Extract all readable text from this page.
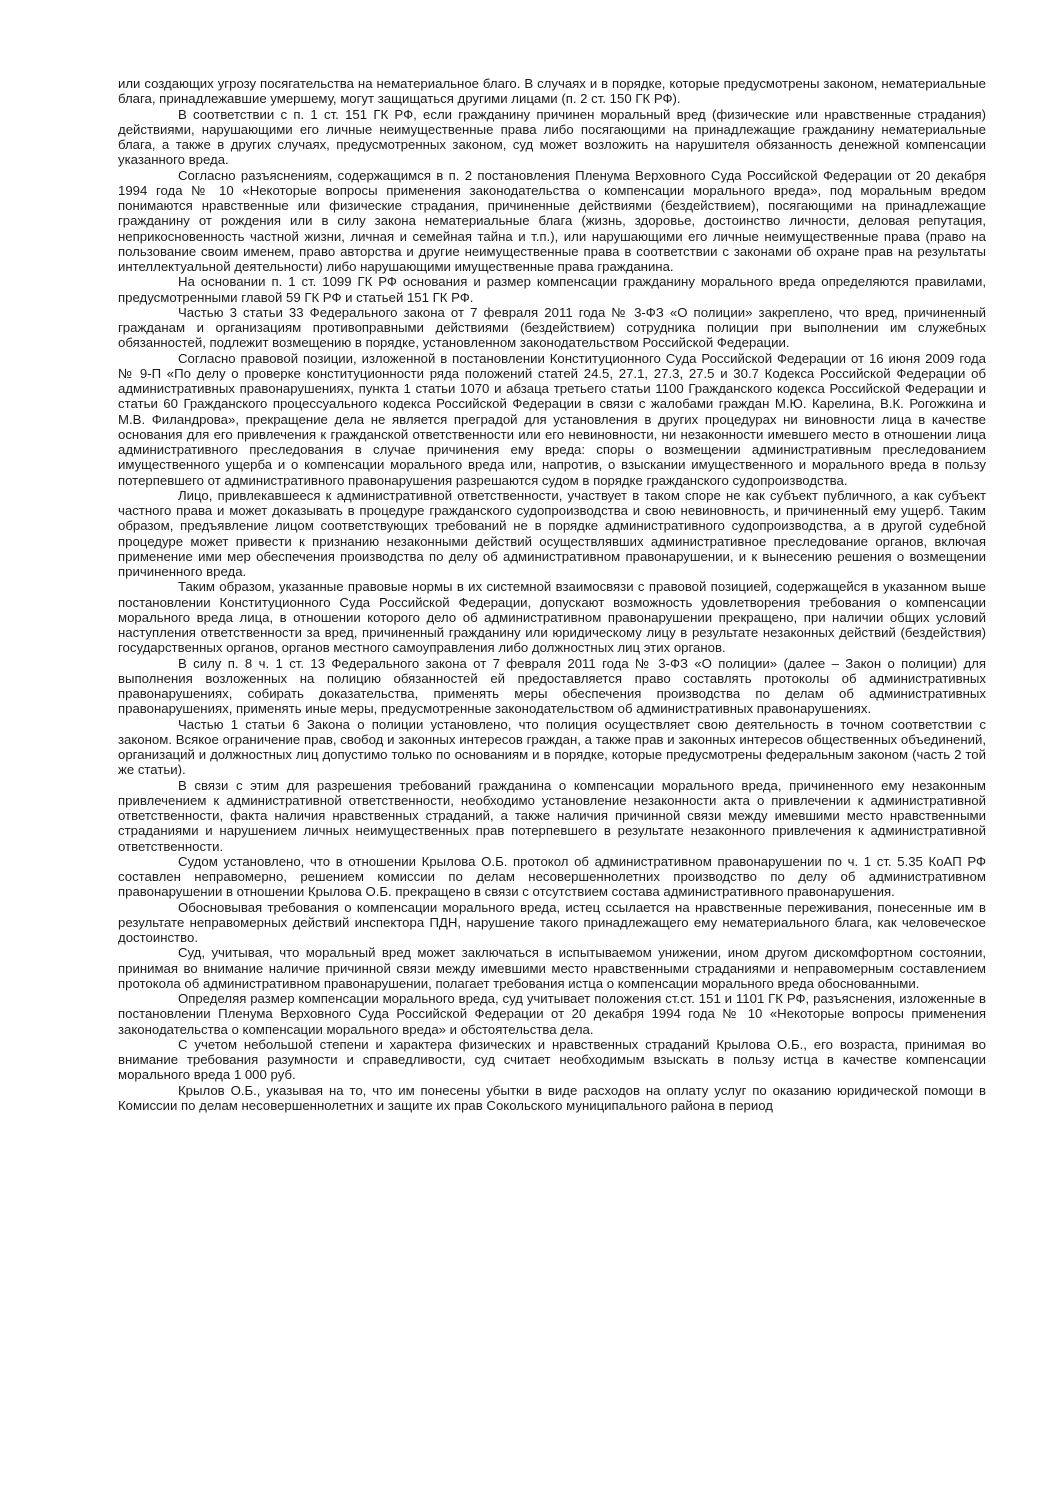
или создающих угрозу посягательства на нематериальное благо. В случаях и в порядке, которые предусмотрены законом, нематериальные блага, принадлежавшие умершему, могут защищаться другими лицами (п. 2 ст. 150 ГК РФ).

В соответствии с п. 1 ст. 151 ГК РФ, если гражданину причинен моральный вред (физические или нравственные страдания) действиями, нарушающими его личные неимущественные права либо посягающими на принадлежащие гражданину нематериальные блага, а также в других случаях, предусмотренных законом, суд может возложить на нарушителя обязанность денежной компенсации указанного вреда.

Согласно разъяснениям, содержащимся в п. 2 постановления Пленума Верховного Суда Российской Федерации от 20 декабря 1994 года № 10 «Некоторые вопросы применения законодательства о компенсации морального вреда», под моральным вредом понимаются нравственные или физические страдания, причиненные действиями (бездействием), посягающими на принадлежащие гражданину от рождения или в силу закона нематериальные блага (жизнь, здоровье, достоинство личности, деловая репутация, неприкосновенность частной жизни, личная и семейная тайна и т.п.), или нарушающими его личные неимущественные права (право на пользование своим именем, право авторства и другие неимущественные права в соответствии с законами об охране прав на результаты интеллектуальной деятельности) либо нарушающими имущественные права гражданина.

На основании п. 1 ст. 1099 ГК РФ основания и размер компенсации гражданину морального вреда определяются правилами, предусмотренными главой 59 ГК РФ и статьей 151 ГК РФ.

Частью 3 статьи 33 Федерального закона от 7 февраля 2011 года № 3-ФЗ «О полиции» закреплено, что вред, причиненный гражданам и организациям противоправными действиями (бездействием) сотрудника полиции при выполнении им служебных обязанностей, подлежит возмещению в порядке, установленном законодательством Российской Федерации.

Согласно правовой позиции, изложенной в постановлении Конституционного Суда Российской Федерации от 16 июня 2009 года № 9-П «По делу о проверке конституционности ряда положений статей 24.5, 27.1, 27.3, 27.5 и 30.7 Кодекса Российской Федерации об административных правонарушениях, пункта 1 статьи 1070 и абзаца третьего статьи 1100 Гражданского кодекса Российской Федерации и статьи 60 Гражданского процессуального кодекса Российской Федерации в связи с жалобами граждан М.Ю. Карелина, В.К. Рогожкина и М.В. Филандрова», прекращение дела не является преградой для установления в других процедурах ни виновности лица в качестве основания для его привлечения к гражданской ответственности или его невиновности, ни незаконности имевшего место в отношении лица административного преследования в случае причинения ему вреда: споры о возмещении административным преследованием имущественного ущерба и о компенсации морального вреда или, напротив, о взыскании имущественного и морального вреда в пользу потерпевшего от административного правонарушения разрешаются судом в порядке гражданского судопроизводства.

Лицо, привлекавшееся к административной ответственности, участвует в таком споре не как субъект публичного, а как субъект частного права и может доказывать в процедуре гражданского судопроизводства и свою невиновность, и причиненный ему ущерб. Таким образом, предъявление лицом соответствующих требований не в порядке административного судопроизводства, а в другой судебной процедуре может привести к признанию незаконными действий осуществлявших административное преследование органов, включая применение ими мер обеспечения производства по делу об административном правонарушении, и к вынесению решения о возмещении причиненного вреда.

Таким образом, указанные правовые нормы в их системной взаимосвязи с правовой позицией, содержащейся в указанном выше постановлении Конституционного Суда Российской Федерации, допускают возможность удовлетворения требования о компенсации морального вреда лица, в отношении которого дело об административном правонарушении прекращено, при наличии общих условий наступления ответственности за вред, причиненный гражданину или юридическому лицу в результате незаконных действий (бездействия) государственных органов, органов местного самоуправления либо должностных лиц этих органов.

В силу п. 8 ч. 1 ст. 13 Федерального закона от 7 февраля 2011 года № 3-ФЗ «О полиции» (далее – Закон о полиции) для выполнения возложенных на полицию обязанностей ей предоставляется право составлять протоколы об административных правонарушениях, собирать доказательства, применять меры обеспечения производства по делам об административных правонарушениях, применять иные меры, предусмотренные законодательством об административных правонарушениях.

Частью 1 статьи 6 Закона о полиции установлено, что полиция осуществляет свою деятельность в точном соответствии с законом. Всякое ограничение прав, свобод и законных интересов граждан, а также прав и законных интересов общественных объединений, организаций и должностных лиц допустимо только по основаниям и в порядке, которые предусмотрены федеральным законом (часть 2 той же статьи).

В связи с этим для разрешения требований гражданина о компенсации морального вреда, причиненного ему незаконным привлечением к административной ответственности, необходимо установление незаконности акта о привлечении к административной ответственности, факта наличия нравственных страданий, а также наличия причинной связи между имевшими место нравственными страданиями и нарушением личных неимущественных прав потерпевшего в результате незаконного привлечения к административной ответственности.

Судом установлено, что в отношении Крылова О.Б. протокол об административном правонарушении по ч. 1 ст. 5.35 КоАП РФ составлен неправомерно, решением комиссии по делам несовершеннолетних производство по делу об административном правонарушении в отношении Крылова О.Б. прекращено в связи с отсутствием состава административного правонарушения.

Обосновывая требования о компенсации морального вреда, истец ссылается на нравственные переживания, понесенные им в результате неправомерных действий инспектора ПДН, нарушение такого принадлежащего ему нематериального блага, как человеческое достоинство.

Суд, учитывая, что моральный вред может заключаться в испытываемом унижении, ином другом дискомфортном состоянии, принимая во внимание наличие причинной связи между имевшими место нравственными страданиями и неправомерным составлением протокола об административном правонарушении, полагает требования истца о компенсации морального вреда обоснованными.

Определяя размер компенсации морального вреда, суд учитывает положения ст.ст. 151 и 1101 ГК РФ, разъяснения, изложенные в постановлении Пленума Верховного Суда Российской Федерации от 20 декабря 1994 года № 10 «Некоторые вопросы применения законодательства о компенсации морального вреда» и обстоятельства дела.

С учетом небольшой степени и характера физических и нравственных страданий Крылова О.Б., его возраста, принимая во внимание требования разумности и справедливости, суд считает необходимым взыскать в пользу истца в качестве компенсации морального вреда 1 000 руб.

Крылов О.Б., указывая на то, что им понесены убытки в виде расходов на оплату услуг по оказанию юридической помощи в Комиссии по делам несовершеннолетних и защите их прав Сокольского муниципального района в период
